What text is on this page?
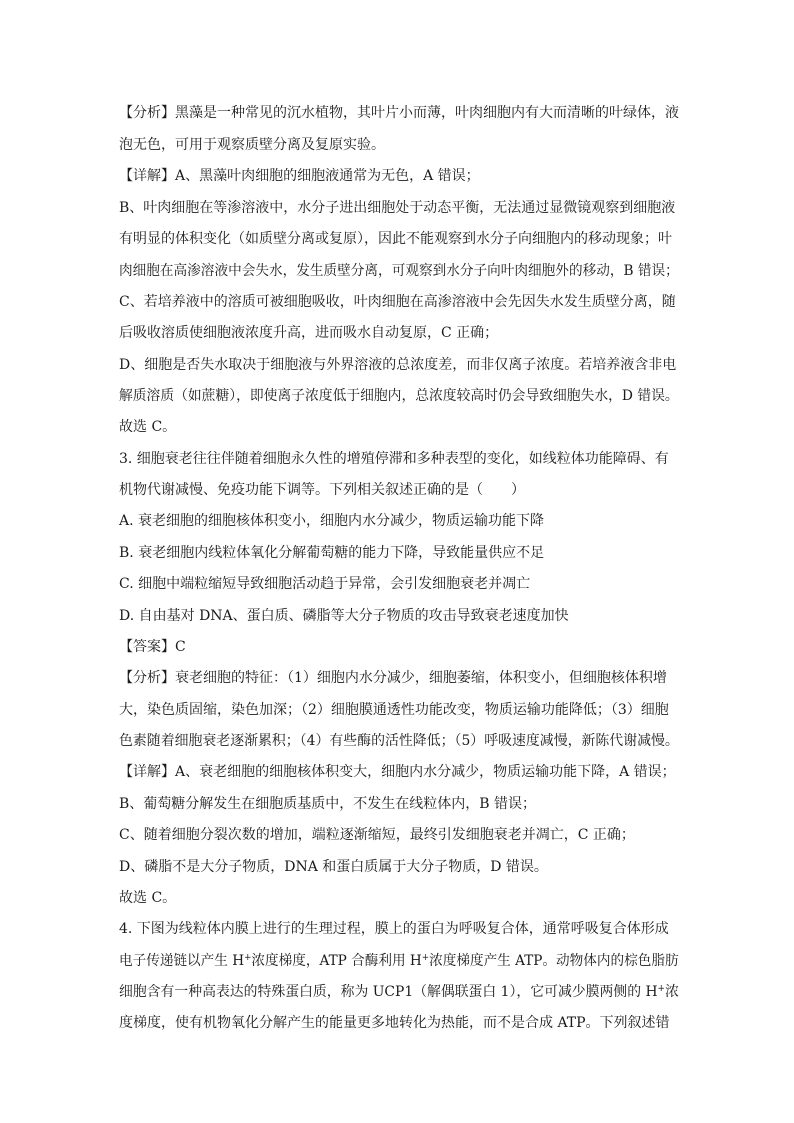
【分析】黑藻是一种常见的沉水植物，其叶片小而薄，叶肉细胞内有大而清晰的叶绿体，液
泡无色，可用于观察质壁分离及复原实验。
【详解】A、黑藻叶肉细胞的细胞液通常为无色，A 错误；
B、叶肉细胞在等渗溶液中，水分子进出细胞处于动态平衡，无法通过显微镜观察到细胞液
有明显的体积变化（如质壁分离或复原），因此不能观察到水分子向细胞内的移动现象；叶
肉细胞在高渗溶液中会失水，发生质壁分离，可观察到水分子向叶肉细胞外的移动，B 错误；
C、若培养液中的溶质可被细胞吸收，叶肉细胞在高渗溶液中会先因失水发生质壁分离，随
后吸收溶质使细胞液浓度升高，进而吸水自动复原，C 正确；
D、细胞是否失水取决于细胞液与外界溶液的总浓度差，而非仅离子浓度。若培养液含非电
解质溶质（如蔗糖），即使离子浓度低于细胞内，总浓度较高时仍会导致细胞失水，D 错误。
故选 C。
3. 细胞衰老往往伴随着细胞永久性的增殖停滞和多种表型的变化，如线粒体功能障碍、有
机物代谢减慢、免疫功能下调等。下列相关叙述正确的是（　　）
A. 衰老细胞的细胞核体积变小，细胞内水分减少，物质运输功能下降
B. 衰老细胞内线粒体氧化分解葡萄糖的能力下降，导致能量供应不足
C. 细胞中端粒缩短导致细胞活动趋于异常，会引发细胞衰老并凋亡
D. 自由基对 DNA、蛋白质、磷脂等大分子物质的攻击导致衰老速度加快
【答案】C
【分析】衰老细胞的特征：（1）细胞内水分减少，细胞萎缩，体积变小，但细胞核体积增
大，染色质固缩，染色加深；（2）细胞膜通透性功能改变，物质运输功能降低；（3）细胞
色素随着细胞衰老逐渐累积；（4）有些酶的活性降低；（5）呼吸速度减慢，新陈代谢减慢。
【详解】A、衰老细胞的细胞核体积变大，细胞内水分减少，物质运输功能下降，A 错误；
B、葡萄糖分解发生在细胞质基质中，不发生在线粒体内，B 错误；
C、随着细胞分裂次数的增加，端粒逐渐缩短，最终引发细胞衰老并凋亡，C 正确；
D、磷脂不是大分子物质，DNA 和蛋白质属于大分子物质，D 错误。
故选 C。
4. 下图为线粒体内膜上进行的生理过程，膜上的蛋白为呼吸复合体，通常呼吸复合体形成
电子传递链以产生 H+浓度梯度，ATP 合酶利用 H+浓度梯度产生 ATP。动物体内的棕色脂肪
细胞含有一种高表达的特殊蛋白质，称为 UCP1（解偶联蛋白 1），它可减少膜两侧的 H+浓
度梯度，使有机物氧化分解产生的能量更多地转化为热能，而不是合成 ATP。下列叙述错
